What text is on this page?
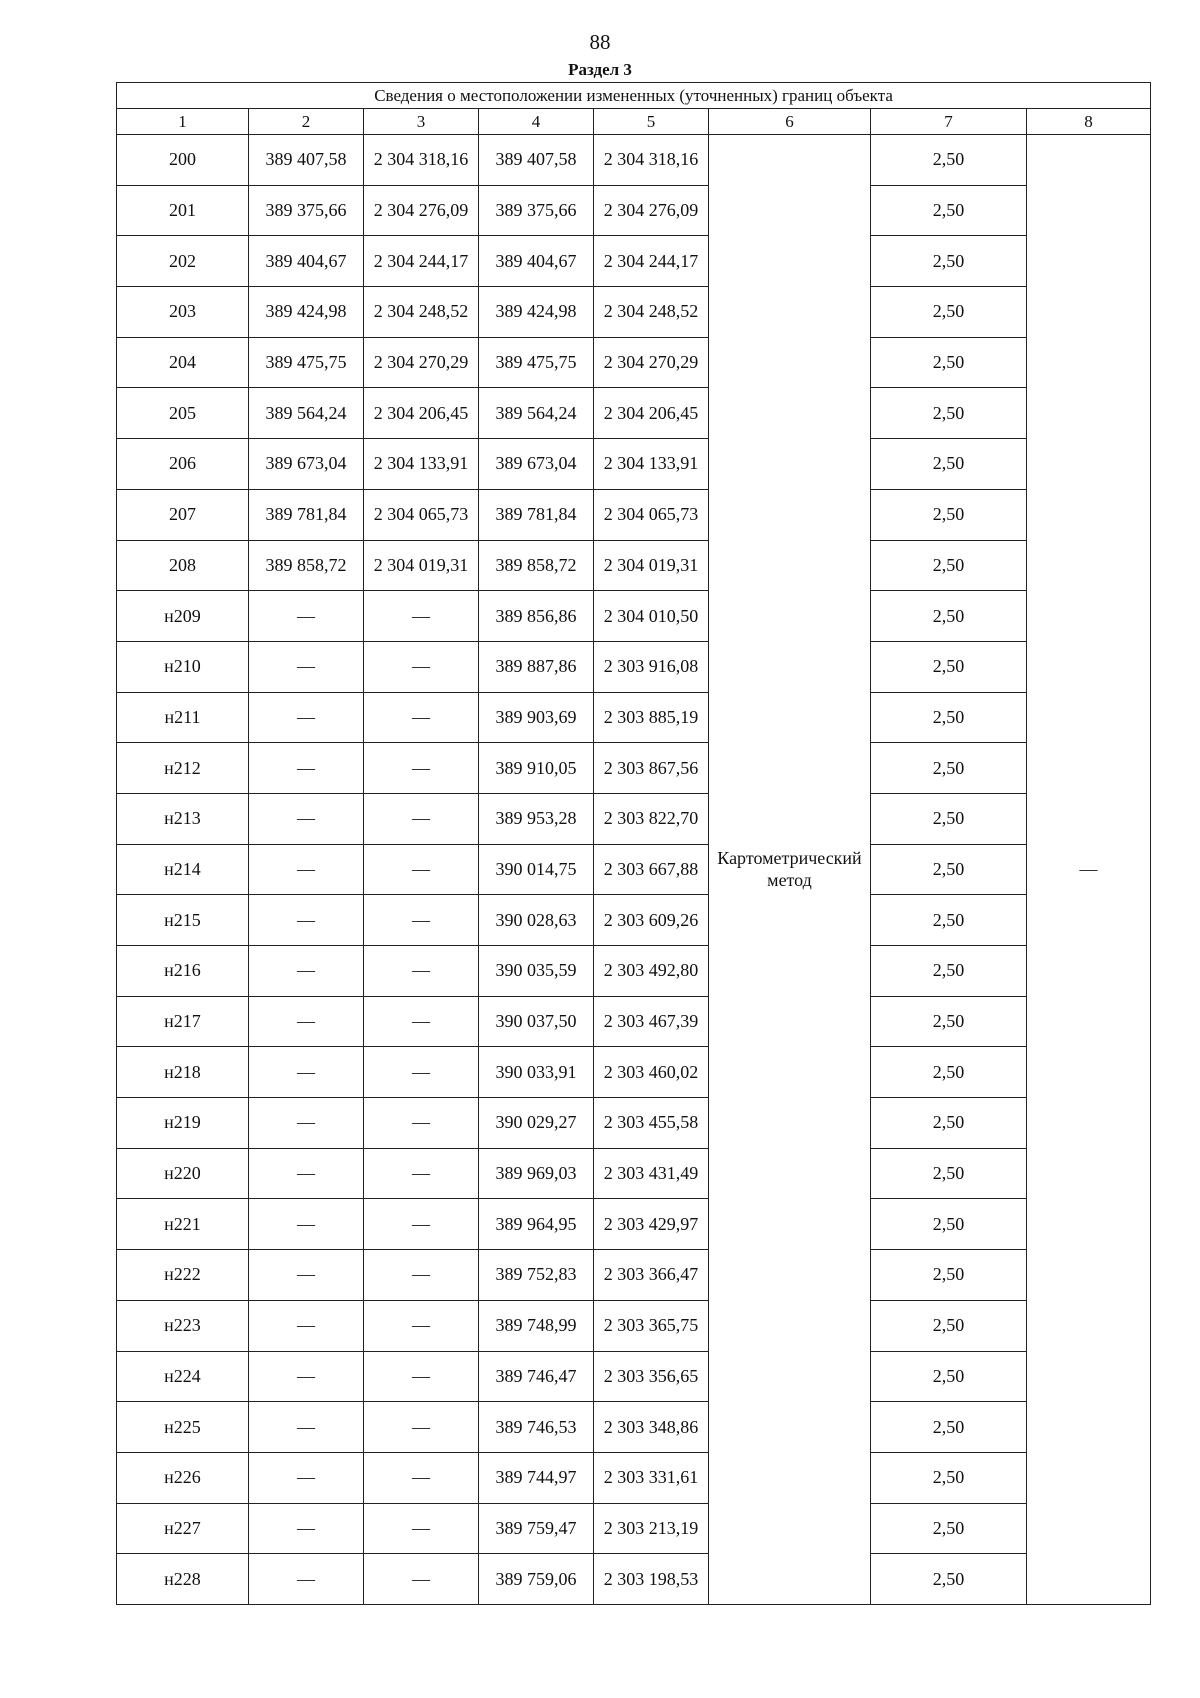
88
Раздел 3
Сведения о местоположении измененных (уточненных) границ объекта							
1	2	3	4	5	6	7	8
200	389 407,58	2 304 318,16	389 407,58	2 304 318,16	Картометрический метод	2,50	—
201	389 375,66	2 304 276,09	389 375,66	2 304 276,09		2,50	
202	389 404,67	2 304 244,17	389 404,67	2 304 244,17		2,50	
203	389 424,98	2 304 248,52	389 424,98	2 304 248,52		2,50	
204	389 475,75	2 304 270,29	389 475,75	2 304 270,29		2,50	
205	389 564,24	2 304 206,45	389 564,24	2 304 206,45		2,50	
206	389 673,04	2 304 133,91	389 673,04	2 304 133,91		2,50	
207	389 781,84	2 304 065,73	389 781,84	2 304 065,73		2,50	
208	389 858,72	2 304 019,31	389 858,72	2 304 019,31		2,50	
н209	—	—	389 856,86	2 304 010,50		2,50	
н210	—	—	389 887,86	2 303 916,08		2,50	
н211	—	—	389 903,69	2 303 885,19		2,50	
н212	—	—	389 910,05	2 303 867,56		2,50	
н213	—	—	389 953,28	2 303 822,70		2,50	
н214	—	—	390 014,75	2 303 667,88		2,50	
н215	—	—	390 028,63	2 303 609,26		2,50	
н216	—	—	390 035,59	2 303 492,80		2,50	
н217	—	—	390 037,50	2 303 467,39		2,50	
н218	—	—	390 033,91	2 303 460,02		2,50	
н219	—	—	390 029,27	2 303 455,58		2,50	
н220	—	—	389 969,03	2 303 431,49		2,50	
н221	—	—	389 964,95	2 303 429,97		2,50	
н222	—	—	389 752,83	2 303 366,47		2,50	
н223	—	—	389 748,99	2 303 365,75		2,50	
н224	—	—	389 746,47	2 303 356,65		2,50	
н225	—	—	389 746,53	2 303 348,86		2,50	
н226	—	—	389 744,97	2 303 331,61		2,50	
н227	—	—	389 759,47	2 303 213,19		2,50	
н228	—	—	389 759,06	2 303 198,53		2,50	
